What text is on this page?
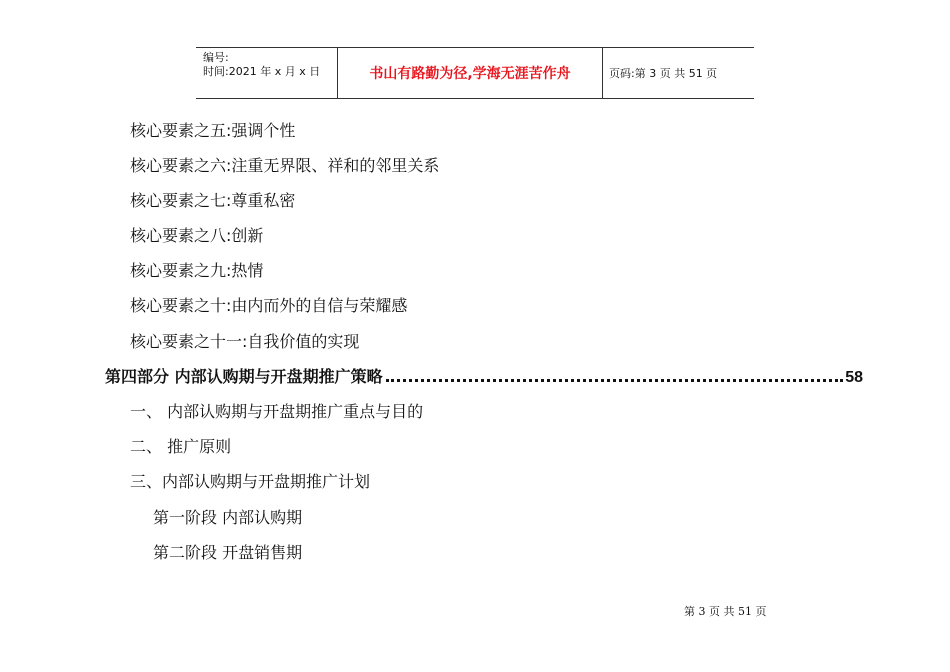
编号:
时间:2021 年 x 月 x 日	书山有路勤为径,学海无涯苦作舟	页码:第 3 页 共 51 页
核心要素之五:强调个性
核心要素之六:注重无界限、祥和的邻里关系
核心要素之七:尊重私密
核心要素之八:创新
核心要素之九:热情
核心要素之十:由内而外的自信与荣耀感
核心要素之十一:自我价值的实现
第四部分 内部认购期与开盘期推广策略	58
一、 内部认购期与开盘期推广重点与目的
二、 推广原则
三、内部认购期与开盘期推广计划
第一阶段 内部认购期
第二阶段 开盘销售期
第 3 页 共 51 页
